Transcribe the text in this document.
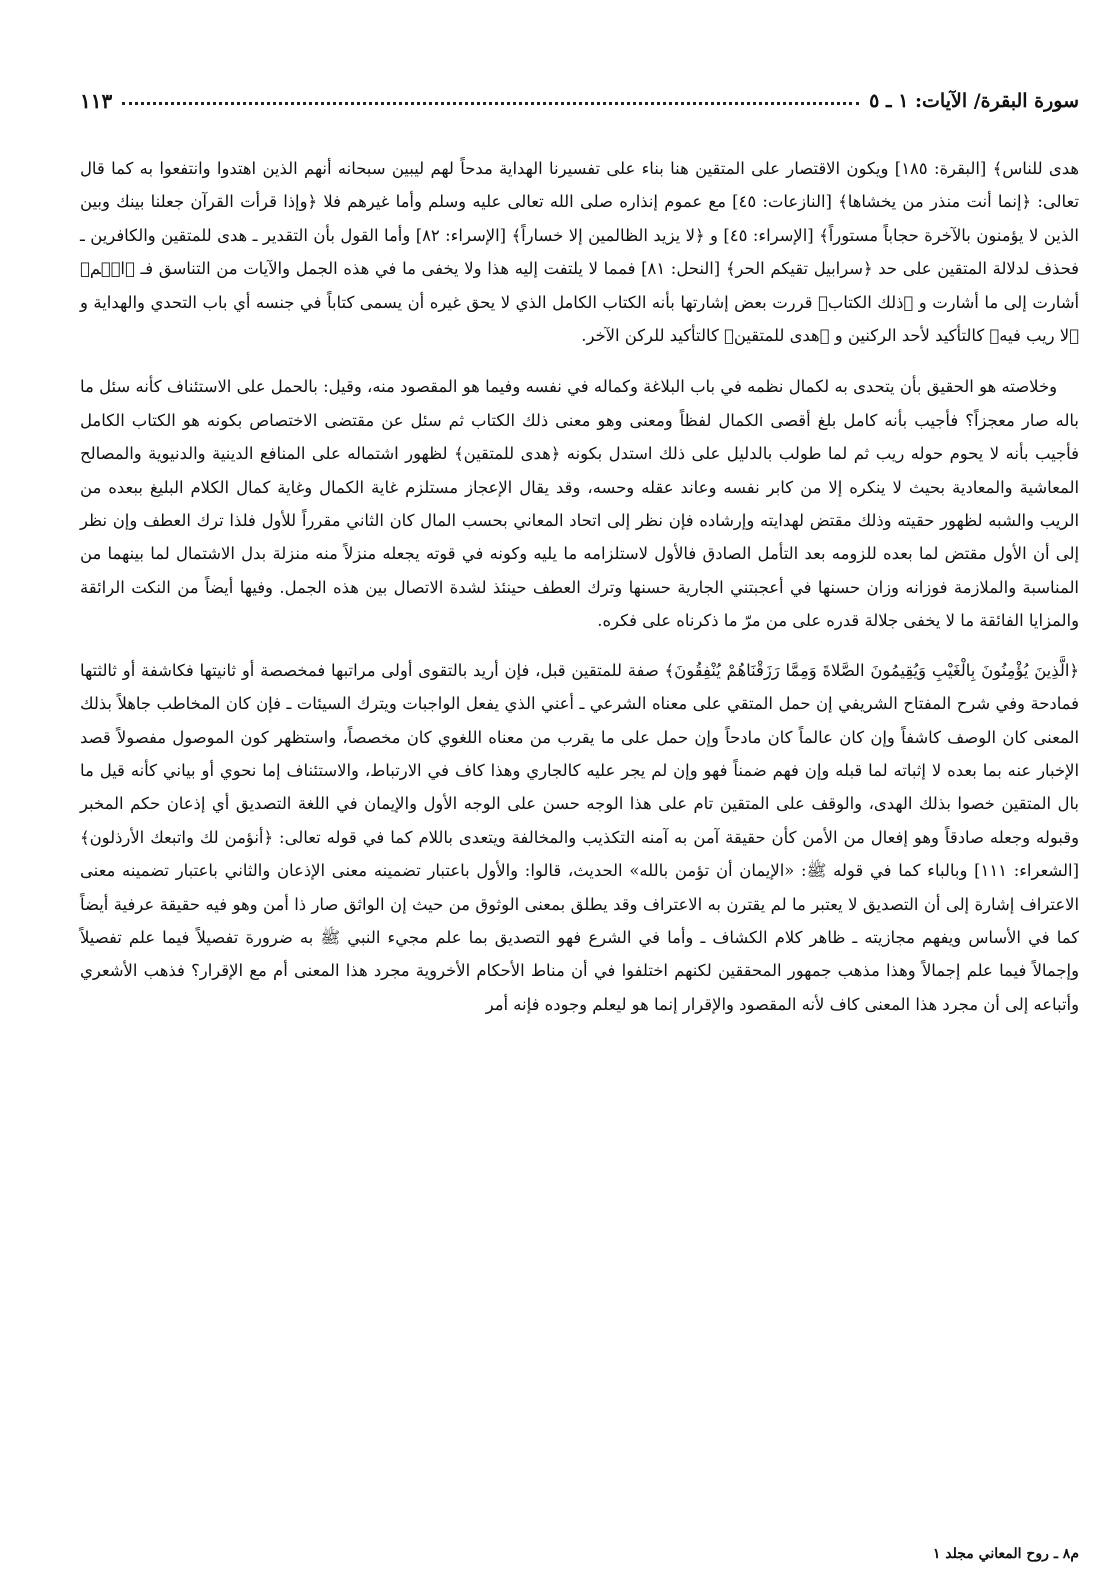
سورة البقرة/ الآيات: ١ ـ ٥
١١٣

هدى للناس﴾ [البقرة: ١٨٥] ويكون الاقتصار على المتقين هنا بناء على تفسيرنا الهداية مدحاً لهم ليبين سبحانه أنهم الذين اهتدوا وانتفعوا به كما قال تعالى: ﴿إنما أنت منذر من يخشاها﴾ [النازعات: ٤٥] مع عموم إنذاره صلى الله تعالى عليه وسلم وأما غيرهم فلا ﴿وإذا قرأت القرآن جعلنا بينك وبين الذين لا يؤمنون بالآخرة حجاباً مستوراً﴾ [الإسراء: ٤٥] و ﴿لا يزيد الظالمين إلا خساراً﴾ [الإسراء: ٨٢] وأما القول بأن التقدير ـ هدى للمتقين والكافرين ـ فحذف لدلالة المتقين على حد ﴿سرابيل تقيكم الحر﴾ [النحل: ٨١] فمما لا يلتفت إليه هذا ولا يخفى ما في هذه الجمل والآيات من التناسق فـ ﴿الۤم﴾ أشارت إلى ما أشارت و ﴿ذلك الكتاب﴾ قررت بعض إشارتها بأنه الكتاب الكامل الذي لا يحق غيره أن يسمى كتاباً في جنسه أي باب التحدي والهداية و ﴿لا ريب فيه﴾ كالتأكيد لأحد الركنين و ﴿هدى للمتقين﴾ كالتأكيد للركن الآخر.

وخلاصته هو الحقيق بأن يتحدى به لكمال نظمه في باب البلاغة وكماله في نفسه وفيما هو المقصود منه، وقيل: بالحمل على الاستئناف كأنه سئل ما باله صار معجزاً؟ فأجيب بأنه كامل بلغ أقصى الكمال لفظاً ومعنى وهو معنى ذلك الكتاب ثم سئل عن مقتضى الاختصاص بكونه هو الكتاب الكامل فأجيب بأنه لا يحوم حوله ريب ثم لما طولب بالدليل على ذلك استدل بكونه ﴿هدى للمتقين﴾ لظهور اشتماله على المنافع الدينية والدنيوية والمصالح المعاشية والمعادية بحيث لا ينكره إلا من كابر نفسه وعاند عقله وحسه، وقد يقال الإعجاز مستلزم غاية الكمال وغاية كمال الكلام البليغ ببعده من الريب والشبه لظهور حقيته وذلك مقتض لهدايته وإرشاده فإن نظر إلى اتحاد المعاني بحسب المال كان الثاني مقرراً للأول فلذا ترك العطف وإن نظر إلى أن الأول مقتض لما بعده للزومه بعد التأمل الصادق فالأول لاستلزامه ما يليه وكونه في قوته يجعله منزلاً منه منزلة بدل الاشتمال لما بينهما من المناسبة والملازمة فوزانه وزان حسنها في أعجبتني الجارية حسنها وترك العطف حينئذ لشدة الاتصال بين هذه الجمل. وفيها أيضاً من النكت الرائقة والمزايا الفائقة ما لا يخفى جلالة قدره على من مرّ ما ذكرناه على فكره.

﴿الَّذِينَ يُؤْمِنُونَ بِالْغَيْبِ وَيُقِيمُونَ الصَّلاةَ وَمِمَّا رَزَقْنَاهُمْ يُنْفِقُونَ﴾ صفة للمتقين قبل، فإن أريد بالتقوى أولى مراتبها فمخصصة أو ثانيتها فكاشفة أو ثالثتها فمادحة وفي شرح المفتاح الشريفي إن حمل المتقي على معناه الشرعي ـ أعني الذي يفعل الواجبات ويترك السيئات ـ فإن كان المخاطب جاهلاً بذلك المعنى كان الوصف كاشفاً وإن كان عالماً كان مادحاً وإن حمل على ما يقرب من معناه اللغوي كان مخصصاً، واستظهر كون الموصول مفصولاً قصد الإخبار عنه بما بعده لا إثباته لما قبله وإن فهم ضمناً فهو وإن لم يجر عليه كالجاري وهذا كاف في الارتباط، والاستئناف إما نحوي أو بياني كأنه قيل ما بال المتقين خصوا بذلك الهدى، والوقف على المتقين تام على هذا الوجه حسن على الوجه الأول والإيمان في اللغة التصديق أي إذعان حكم المخبر وقبوله وجعله صادقاً وهو إفعال من الأمن كأن حقيقة آمن به آمنه التكذيب والمخالفة ويتعدى باللام كما في قوله تعالى: ﴿أنؤمن لك واتبعك الأرذلون﴾ [الشعراء: ١١١] وبالباء كما في قوله ﷺ: «الإيمان أن تؤمن بالله» الحديث، قالوا: والأول باعتبار تضمينه معنى الإذعان والثاني باعتبار تضمينه معنى الاعتراف إشارة إلى أن التصديق لا يعتبر ما لم يقترن به الاعتراف وقد يطلق بمعنى الوثوق من حيث إن الواثق صار ذا أمن وهو فيه حقيقة عرفية أيضاً كما في الأساس ويفهم مجازيته ـ ظاهر كلام الكشاف ـ وأما في الشرع فهو التصديق بما علم مجيء النبي ﷺ به ضرورة تفصيلاً فيما علم تفصيلاً وإجمالاً فيما علم إجمالاً وهذا مذهب جمهور المحققين لكنهم اختلفوا في أن مناط الأحكام الأخروية مجرد هذا المعنى أم مع الإقرار؟ فذهب الأشعري وأتباعه إلى أن مجرد هذا المعنى كاف لأنه المقصود والإقرار إنما هو ليعلم وجوده فإنه أمر

م٨ ـ روح المعاني مجلد ١
